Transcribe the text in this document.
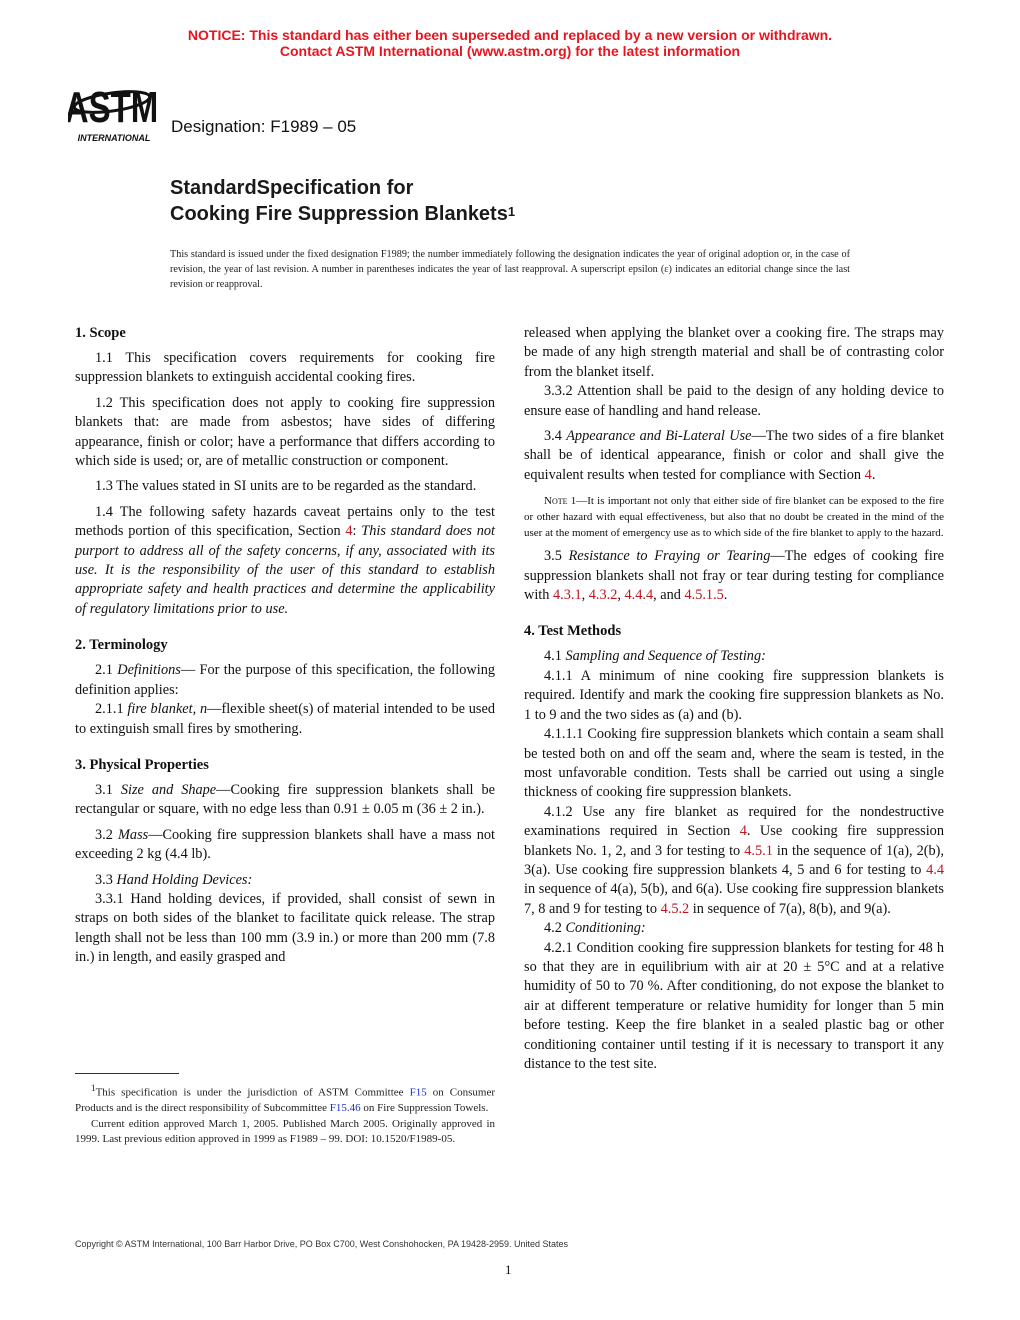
NOTICE: This standard has either been superseded and replaced by a new version or withdrawn.
Contact ASTM International (www.astm.org) for the latest information
ASTM
INTERNATIONAL
Designation: F1989 – 05
StandardSpecification for
Cooking Fire Suppression Blankets$^1$
This standard is issued under the fixed designation F1989; the number immediately following the designation indicates the year of original adoption or, in the case of revision, the year of last revision. A number in parentheses indicates the year of last reapproval. A superscript epsilon (ε) indicates an editorial change since the last revision or reapproval.
1. Scope

1.1 This specification covers requirements for cooking fire suppression blankets to extinguish accidental cooking fires.

1.2 This specification does not apply to cooking fire suppression blankets that: are made from asbestos; have sides of differing appearance, finish or color; have a performance that differs according to which side is used; or, are of metallic construction or component.

1.3 The values stated in SI units are to be regarded as the standard.

1.4 The following safety hazards caveat pertains only to the test methods portion of this specification, Section 4: This standard does not purport to address all of the safety concerns, if any, associated with its use. It is the responsibility of the user of this standard to establish appropriate safety and health practices and determine the applicability of regulatory limitations prior to use.

2. Terminology

2.1 Definitions— For the purpose of this specification, the following definition applies:

2.1.1 fire blanket, n—flexible sheet(s) of material intended to be used to extinguish small fires by smothering.

3. Physical Properties

3.1 Size and Shape—Cooking fire suppression blankets shall be rectangular or square, with no edge less than 0.91 ± 0.05 m (36 ± 2 in.).

3.2 Mass—Cooking fire suppression blankets shall have a mass not exceeding 2 kg (4.4 lb).

3.3 Hand Holding Devices:

3.3.1 Hand holding devices, if provided, shall consist of sewn in straps on both sides of the blanket to facilitate quick release. The strap length shall not be less than 100 mm (3.9 in.) or more than 200 mm (7.8 in.) in length, and easily grasped and

$^1$This specification is under the jurisdiction of ASTM Committee F15 on Consumer Products and is the direct responsibility of Subcommittee F15.46 on Fire Suppression Towels.

Current edition approved March 1, 2005. Published March 2005. Originally approved in 1999. Last previous edition approved in 1999 as F1989 – 99. DOI: 10.1520/F1989-05.

released when applying the blanket over a cooking fire. The straps may be made of any high strength material and shall be of contrasting color from the blanket itself.

3.3.2 Attention shall be paid to the design of any holding device to ensure ease of handling and hand release.

3.4 Appearance and Bi-Lateral Use—The two sides of a fire blanket shall be of identical appearance, finish or color and shall give the equivalent results when tested for compliance with Section 4.

Note 1—It is important not only that either side of fire blanket can be exposed to the fire or other hazard with equal effectiveness, but also that no doubt be created in the mind of the user at the moment of emergency use as to which side of the fire blanket to apply to the hazard.

3.5 Resistance to Fraying or Tearing—The edges of cooking fire suppression blankets shall not fray or tear during testing for compliance with 4.3.1, 4.3.2, 4.4.4, and 4.5.1.5.

4. Test Methods

4.1 Sampling and Sequence of Testing:

4.1.1 A minimum of nine cooking fire suppression blankets is required. Identify and mark the cooking fire suppression blankets as No. 1 to 9 and the two sides as (a) and (b).

4.1.1.1 Cooking fire suppression blankets which contain a seam shall be tested both on and off the seam and, where the seam is tested, in the most unfavorable condition. Tests shall be carried out using a single thickness of cooking fire suppression blankets.

4.1.2 Use any fire blanket as required for the nondestructive examinations required in Section 4. Use cooking fire suppression blankets No. 1, 2, and 3 for testing to 4.5.1 in the sequence of 1(a), 2(b), 3(a). Use cooking fire suppression blankets 4, 5 and 6 for testing to 4.4 in sequence of 4(a), 5(b), and 6(a). Use cooking fire suppression blankets 7, 8 and 9 for testing to 4.5.2 in sequence of 7(a), 8(b), and 9(a).

4.2 Conditioning:

4.2.1 Condition cooking fire suppression blankets for testing for 48 h so that they are in equilibrium with air at 20 ± 5°C and at a relative humidity of 50 to 70 %. After conditioning, do not expose the blanket to air at different temperature or relative humidity for longer than 5 min before testing. Keep the fire blanket in a sealed plastic bag or other conditioning container until testing if it is necessary to transport it any distance to the test site.

Copyright © ASTM International, 100 Barr Harbor Drive, PO Box C700, West Conshohocken, PA 19428-2959. United States
1
